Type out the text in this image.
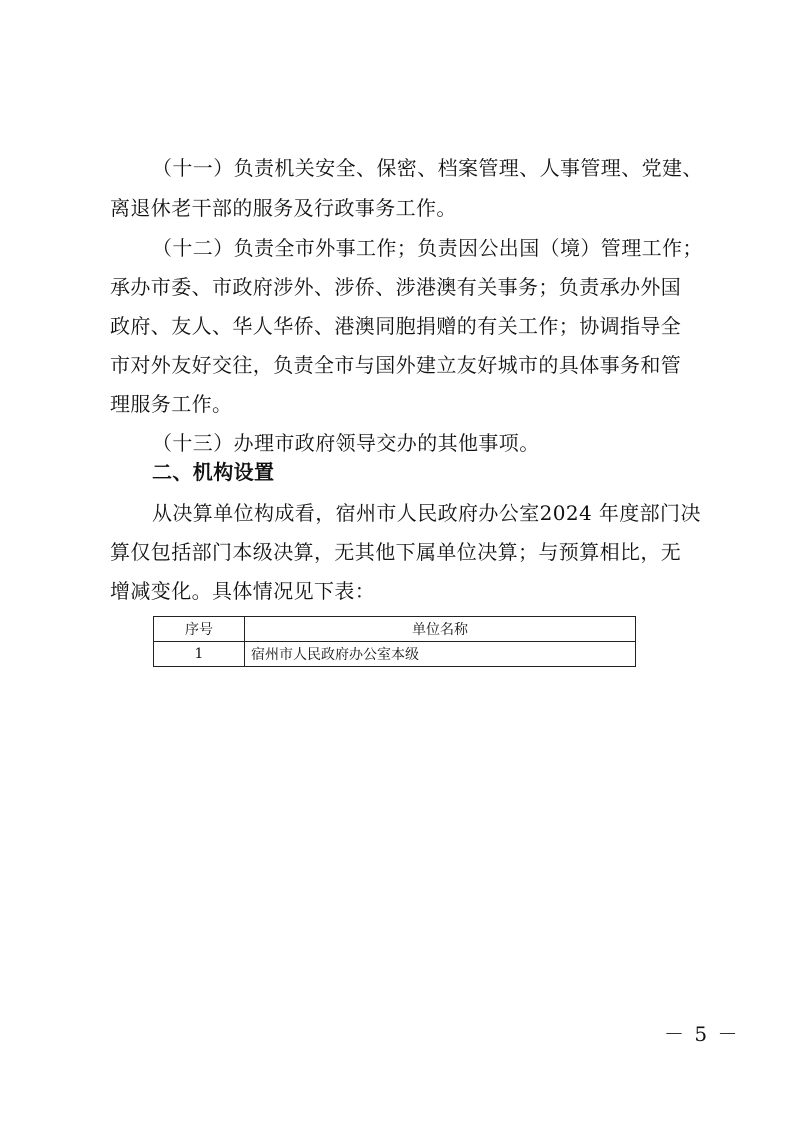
（十一）负责机关安全、保密、档案管理、人事管理、党建、
离退休老干部的服务及行政事务工作。
（十二）负责全市外事工作；负责因公出国（境）管理工作；
承办市委、市政府涉外、涉侨、涉港澳有关事务；负责承办外国
政府、友人、华人华侨、港澳同胞捐赠的有关工作；协调指导全
市对外友好交往，负责全市与国外建立友好城市的具体事务和管
理服务工作。
（十三）办理市政府领导交办的其他事项。
二、机构设置
从决算单位构成看，宿州市人民政府办公室2024 年度部门决
算仅包括部门本级决算，无其他下属单位决算；与预算相比，无
增减变化。具体情况见下表：
序号	单位名称
1	宿州市人民政府办公室本级
－ 5 －
